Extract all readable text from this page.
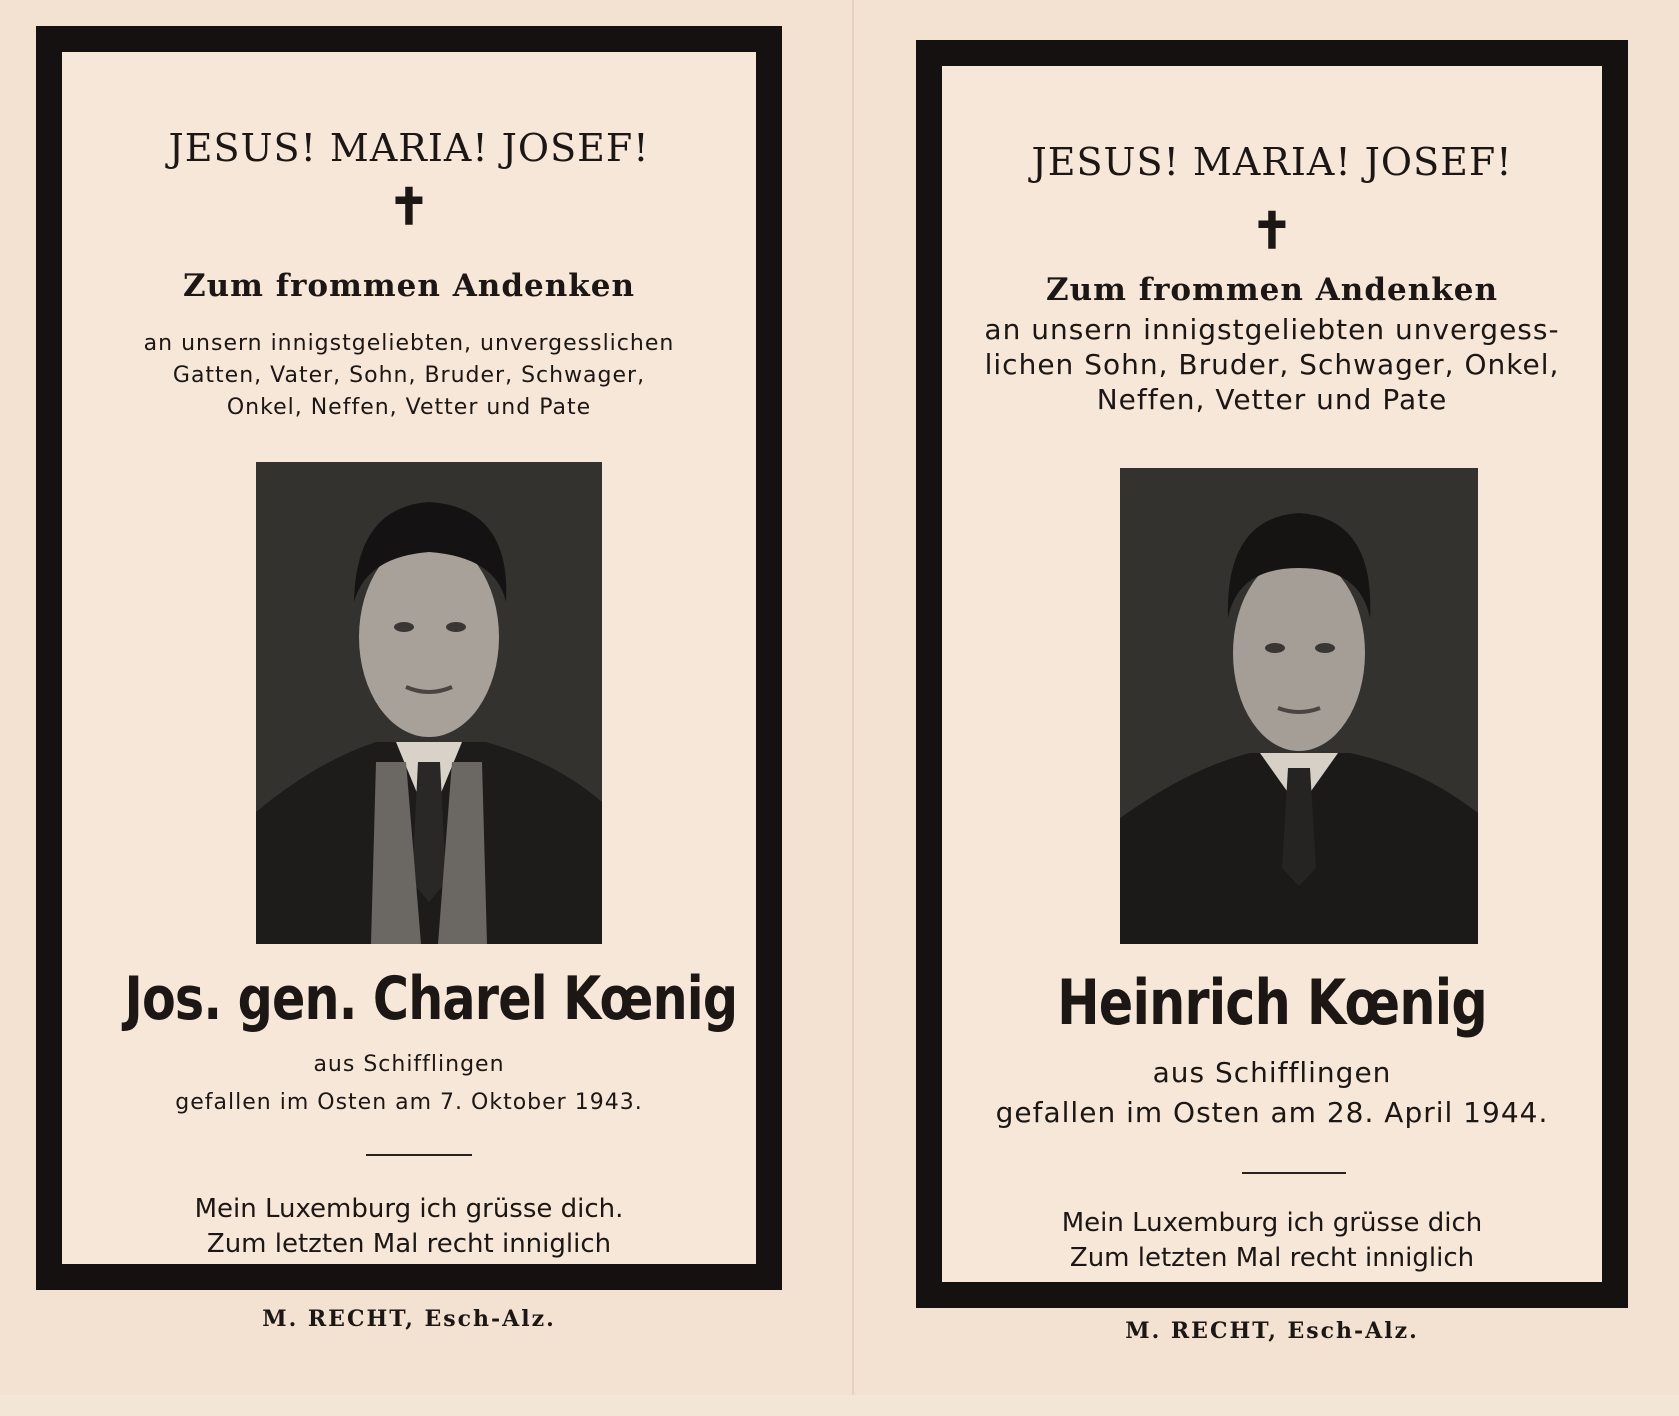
JESUS! MARIA! JOSEF!
✝
Zum frommen Andenken
an unsern innigstgeliebten, unvergesslichen
Gatten, Vater, Sohn, Bruder, Schwager,
Onkel, Neffen, Vetter und Pate
Jos. gen. Charel Kœnig
aus Schifflingen
gefallen im Osten am 7. Oktober 1943.
Mein Luxemburg ich grüsse dich.
Zum letzten Mal recht inniglich
M. RECHT, Esch-Alz.
JESUS! MARIA! JOSEF!
✝
Zum frommen Andenken
an unsern innigstgeliebten unvergess-
lichen Sohn, Bruder, Schwager, Onkel,
Neffen, Vetter und Pate
Heinrich Kœnig
aus Schifflingen
gefallen im Osten am 28. April 1944.
Mein Luxemburg ich grüsse dich
Zum letzten Mal recht inniglich
M. RECHT, Esch-Alz.
